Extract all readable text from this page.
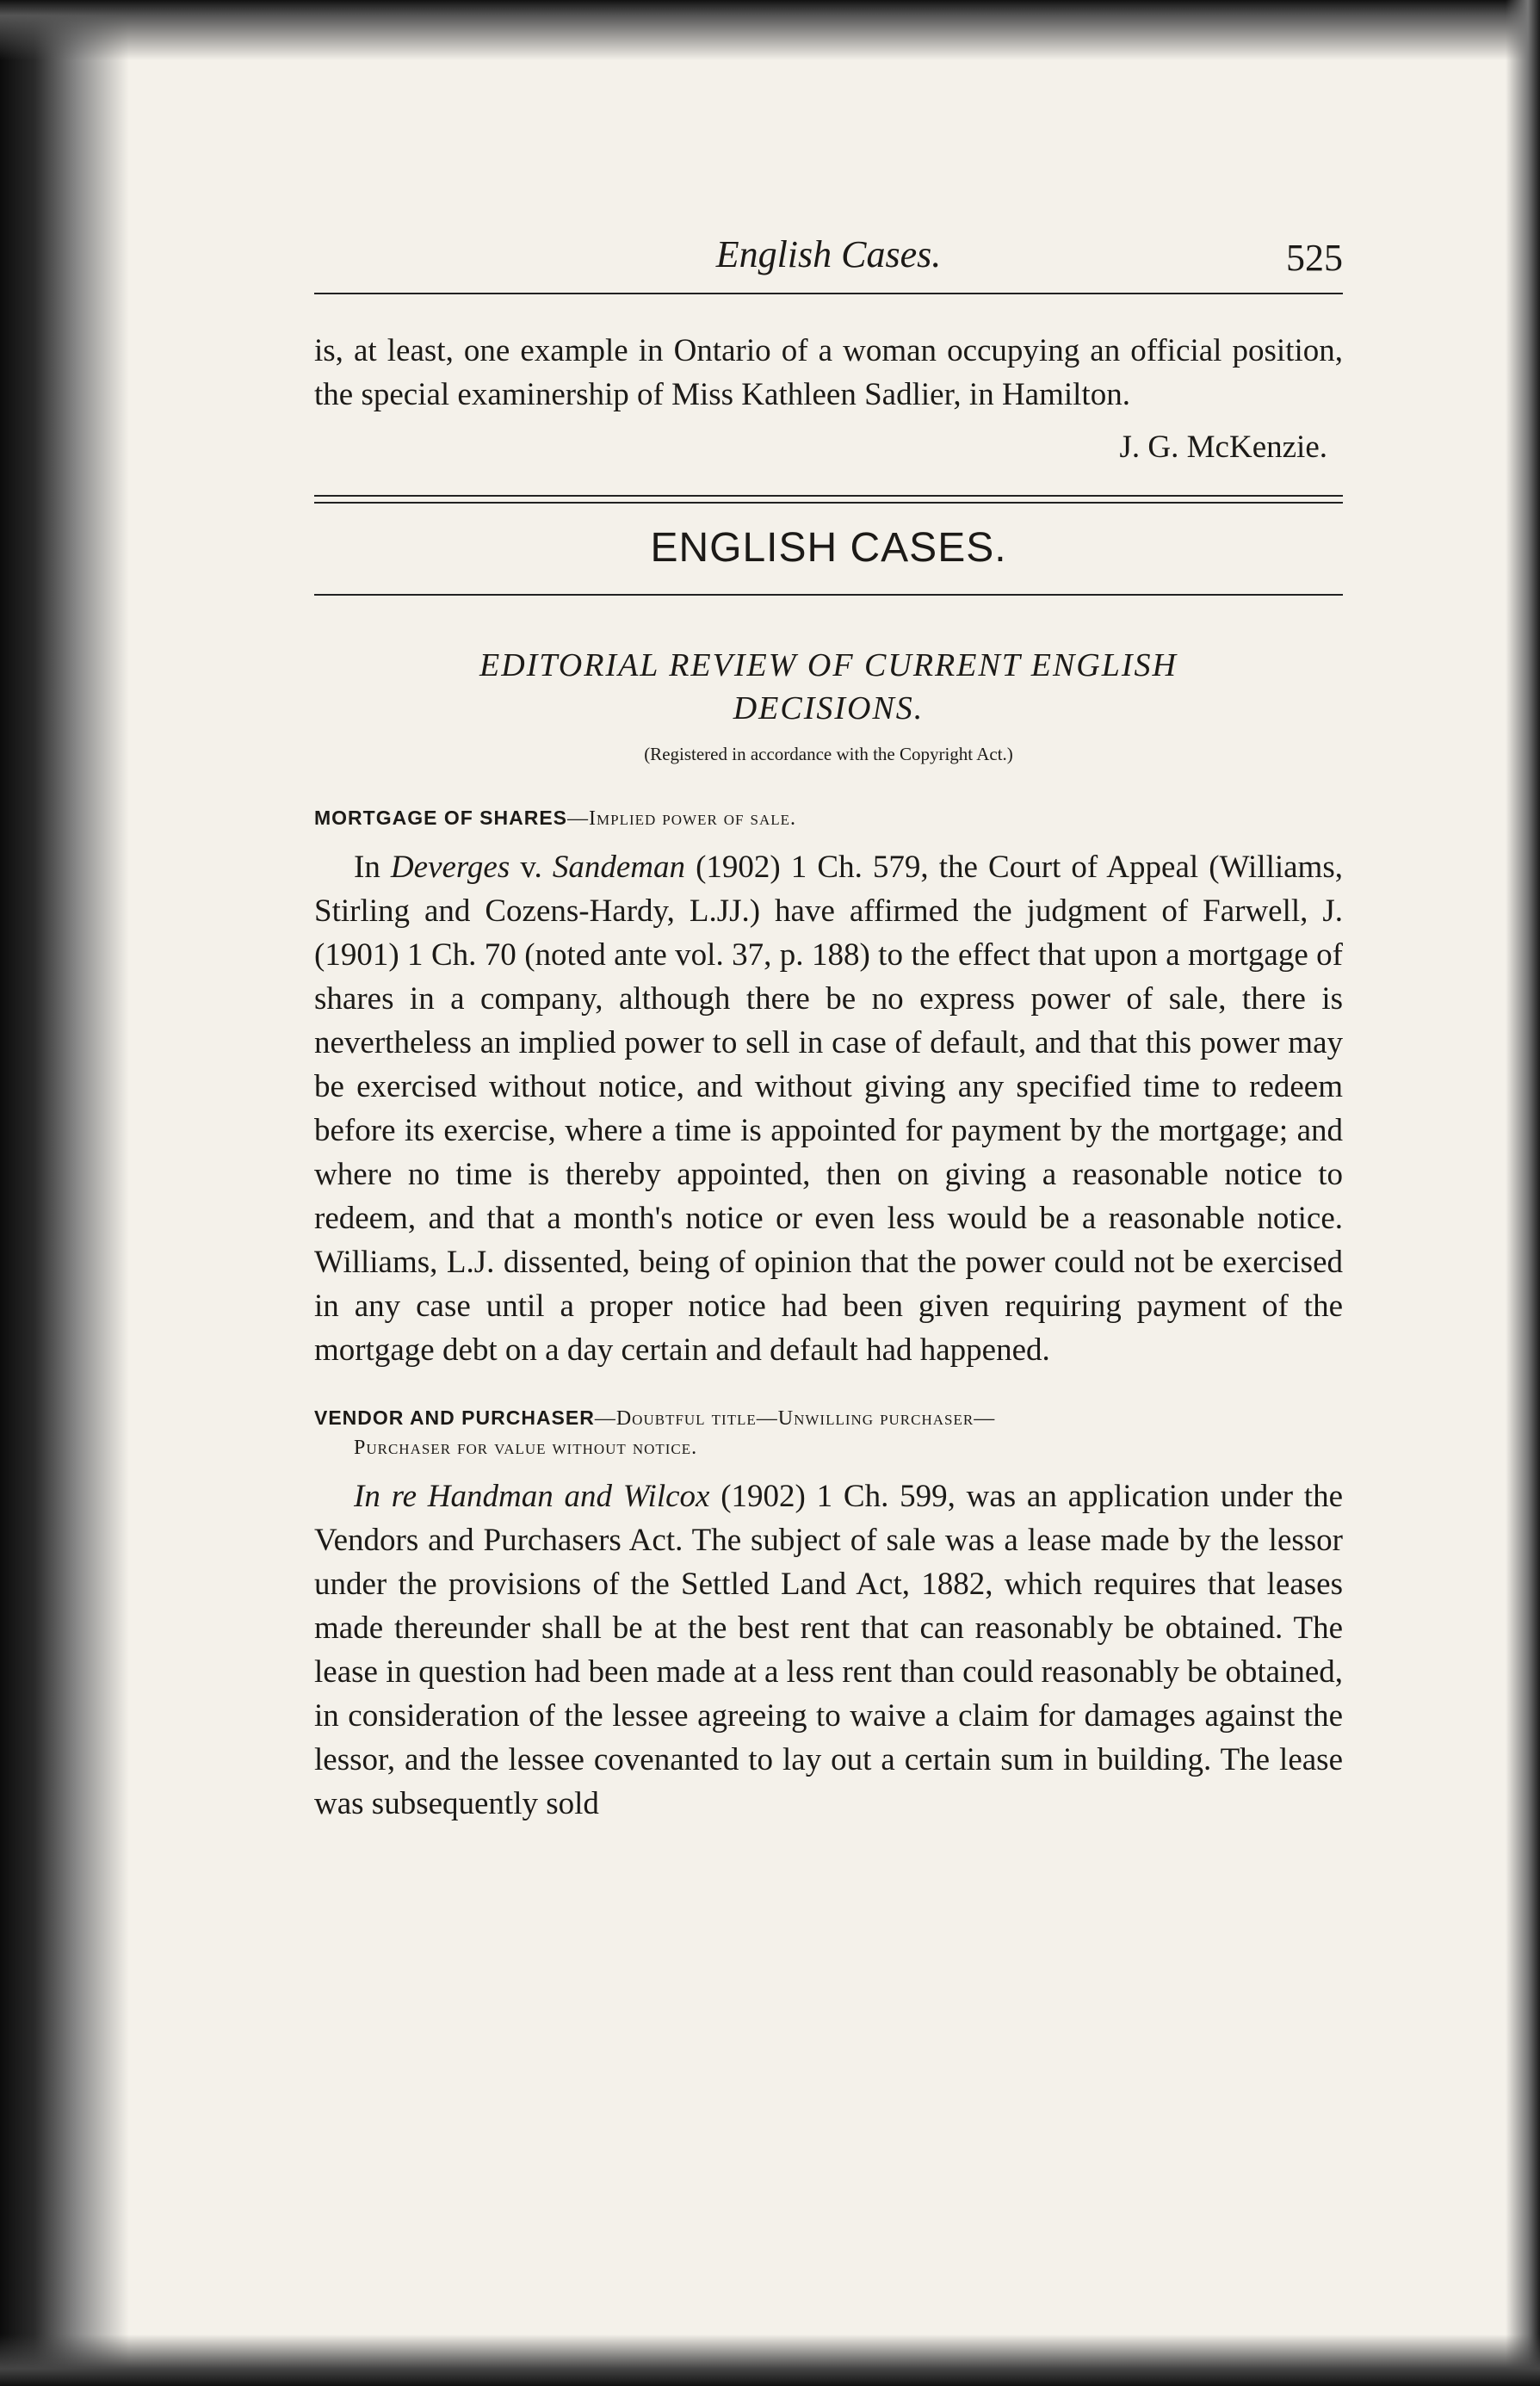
English Cases.	525

is, at least, one example in Ontario of a woman occupying an official position, the special examinership of Miss Kathleen Sadlier, in Hamilton.

J. G. McKenzie.
ENGLISH CASES.
EDITORIAL REVIEW OF CURRENT ENGLISH
DECISIONS.
(Registered in accordance with the Copyright Act.)
MORTGAGE OF SHARES—Implied power of sale.

In Deverges v. Sandeman (1902) 1 Ch. 579, the Court of Appeal (Williams, Stirling and Cozens-Hardy, L.JJ.) have affirmed the judgment of Farwell, J. (1901) 1 Ch. 70 (noted ante vol. 37, p. 188) to the effect that upon a mortgage of shares in a company, although there be no express power of sale, there is nevertheless an implied power to sell in case of default, and that this power may be exercised without notice, and without giving any specified time to redeem before its exercise, where a time is appointed for payment by the mortgage; and where no time is thereby appointed, then on giving a reasonable notice to redeem, and that a month's notice or even less would be a reasonable notice. Williams, L.J. dissented, being of opinion that the power could not be exercised in any case until a proper notice had been given requiring payment of the mortgage debt on a day certain and default had happened.

VENDOR AND PURCHASER—Doubtful title—Unwilling purchaser—
Purchaser for value without notice.

In re Handman and Wilcox (1902) 1 Ch. 599, was an application under the Vendors and Purchasers Act. The subject of sale was a lease made by the lessor under the provisions of the Settled Land Act, 1882, which requires that leases made thereunder shall be at the best rent that can reasonably be obtained. The lease in question had been made at a less rent than could reasonably be obtained, in consideration of the lessee agreeing to waive a claim for damages against the lessor, and the lessee covenanted to lay out a certain sum in building. The lease was subsequently sold
